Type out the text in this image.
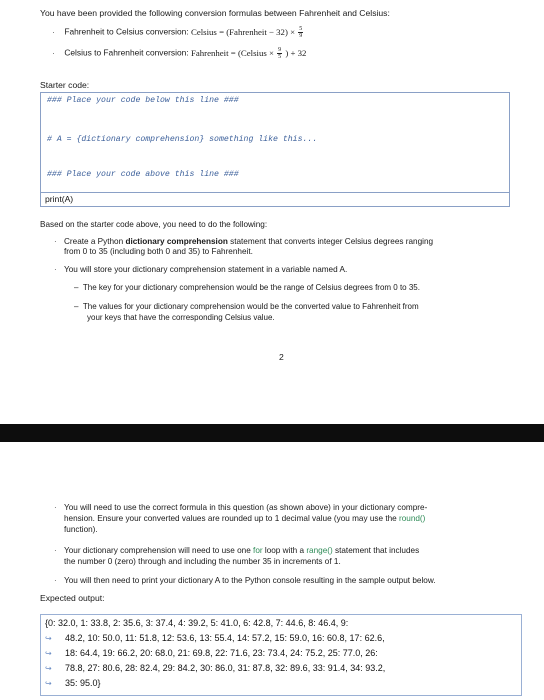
You have been provided the following conversion formulas between Fahrenheit and Celsius:
· Fahrenheit to Celsius conversion: Celsius = (Fahrenheit − $32) \times \frac{5}{9}$
· Celsius to Fahrenheit conversion: Fahrenheit = (Celsius × $\frac{9}{5}$ ) + 32
Starter code:
### Place your code below this line ###
# A = {dictionary comprehension} something like this...
### Place your code above this line ###
print(A)
Based on the starter code above, you need to do the following:
· Create a Python dictionary comprehension statement that converts integer Celsius degrees ranging
from 0 to 35 (including both 0 and 35) to Fahrenheit.
· You will store your dictionary comprehension statement in a variable named A.
–  The key for your dictionary comprehension would be the range of Celsius degrees from 0 to 35.
–  The values for your dictionary comprehension would be the converted value to Fahrenheit from
your keys that have the corresponding Celsius value.
2
· You will need to use the correct formula in this question (as shown above) in your dictionary compre-
hension. Ensure your converted values are rounded up to 1 decimal value (you may use the round()
function).
· Your dictionary comprehension will need to use one for loop with a range() statement that includes
the number 0 (zero) through and including the number 35 in increments of 1.
· You will then need to print your dictionary A to the Python console resulting in the sample output below.
Expected output:
{0: 32.0, 1: 33.8, 2: 35.6, 3: 37.4, 4: 39.2, 5: 41.0, 6: 42.8, 7: 44.6, 8: 46.4, 9:
↪ 48.2, 10: 50.0, 11: 51.8, 12: 53.6, 13: 55.4, 14: 57.2, 15: 59.0, 16: 60.8, 17: 62.6,
↪ 18: 64.4, 19: 66.2, 20: 68.0, 21: 69.8, 22: 71.6, 23: 73.4, 24: 75.2, 25: 77.0, 26:
↪ 78.8, 27: 80.6, 28: 82.4, 29: 84.2, 30: 86.0, 31: 87.8, 32: 89.6, 33: 91.4, 34: 93.2,
↪ 35: 95.0}
